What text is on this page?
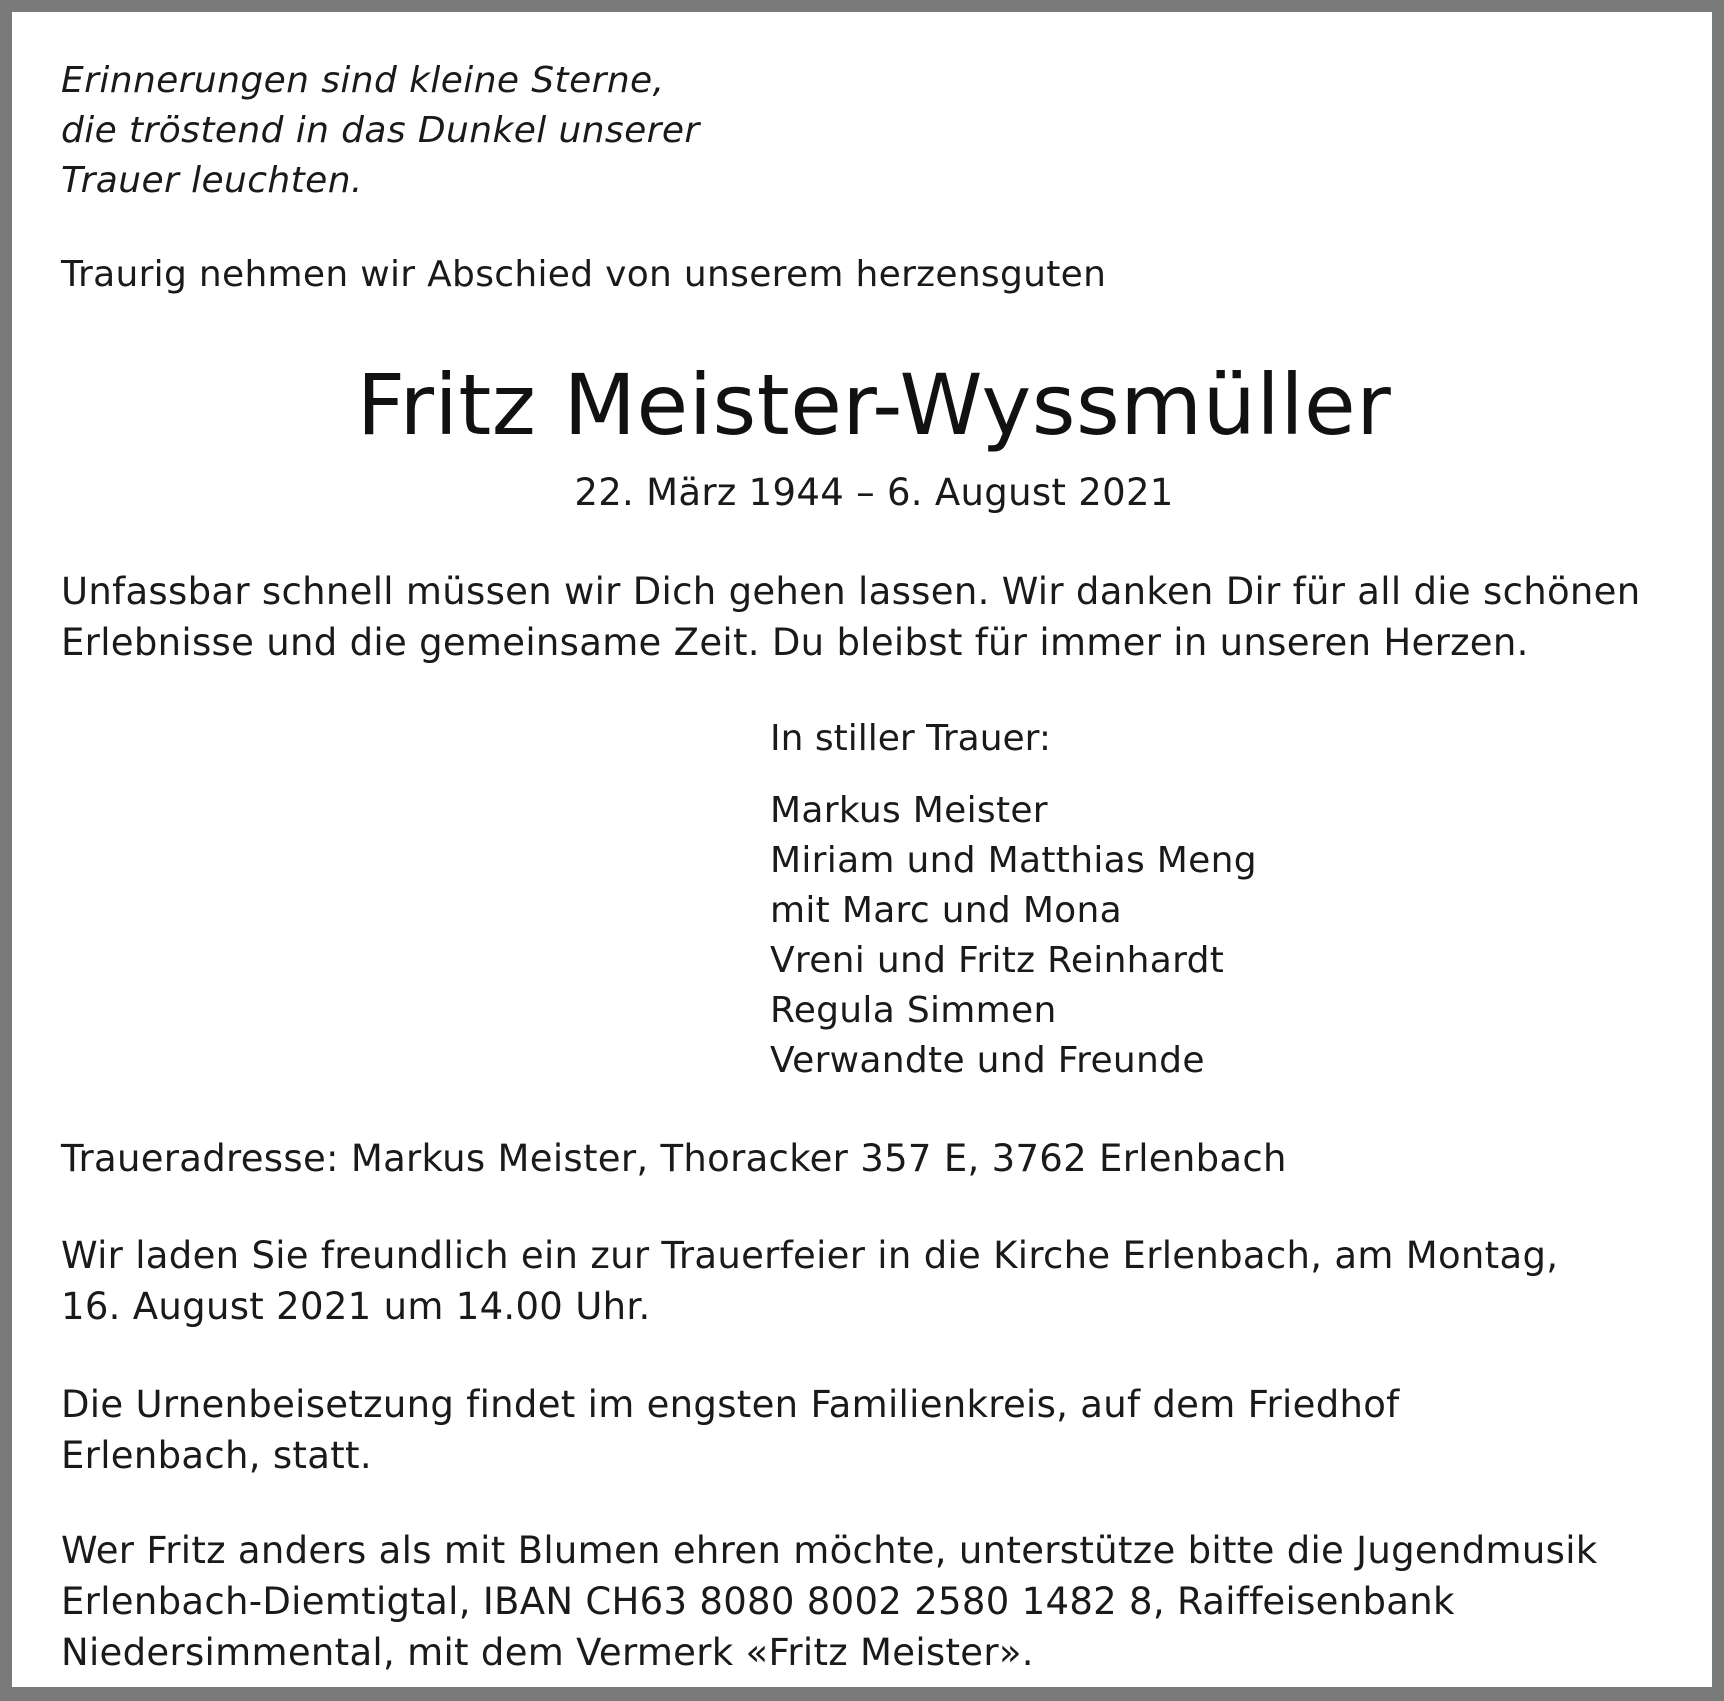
Erinnerungen sind kleine Sterne,
die tröstend in das Dunkel unserer
Trauer leuchten.

Traurig nehmen wir Abschied von unserem herzensguten

Fritz Meister-Wyssmüller
22. März 1944 – 6. August 2021

Unfassbar schnell müssen wir Dich gehen lassen. Wir danken Dir für all die schönen
Erlebnisse und die gemeinsame Zeit. Du bleibst für immer in unseren Herzen.

In stiller Trauer:

Markus Meister
Miriam und Matthias Meng
mit Marc und Mona
Vreni und Fritz Reinhardt
Regula Simmen
Verwandte und Freunde

Traueradresse: Markus Meister, Thoracker 357 E, 3762 Erlenbach

Wir laden Sie freundlich ein zur Trauerfeier in die Kirche Erlenbach, am Montag,
16. August 2021 um 14.00 Uhr.

Die Urnenbeisetzung findet im engsten Familienkreis, auf dem Friedhof
Erlenbach, statt.

Wer Fritz anders als mit Blumen ehren möchte, unterstütze bitte die Jugendmusik
Erlenbach-Diemtigtal, IBAN CH63 8080 8002 2580 1482 8, Raiffeisenbank
Niedersimmental, mit dem Vermerk «Fritz Meister».
